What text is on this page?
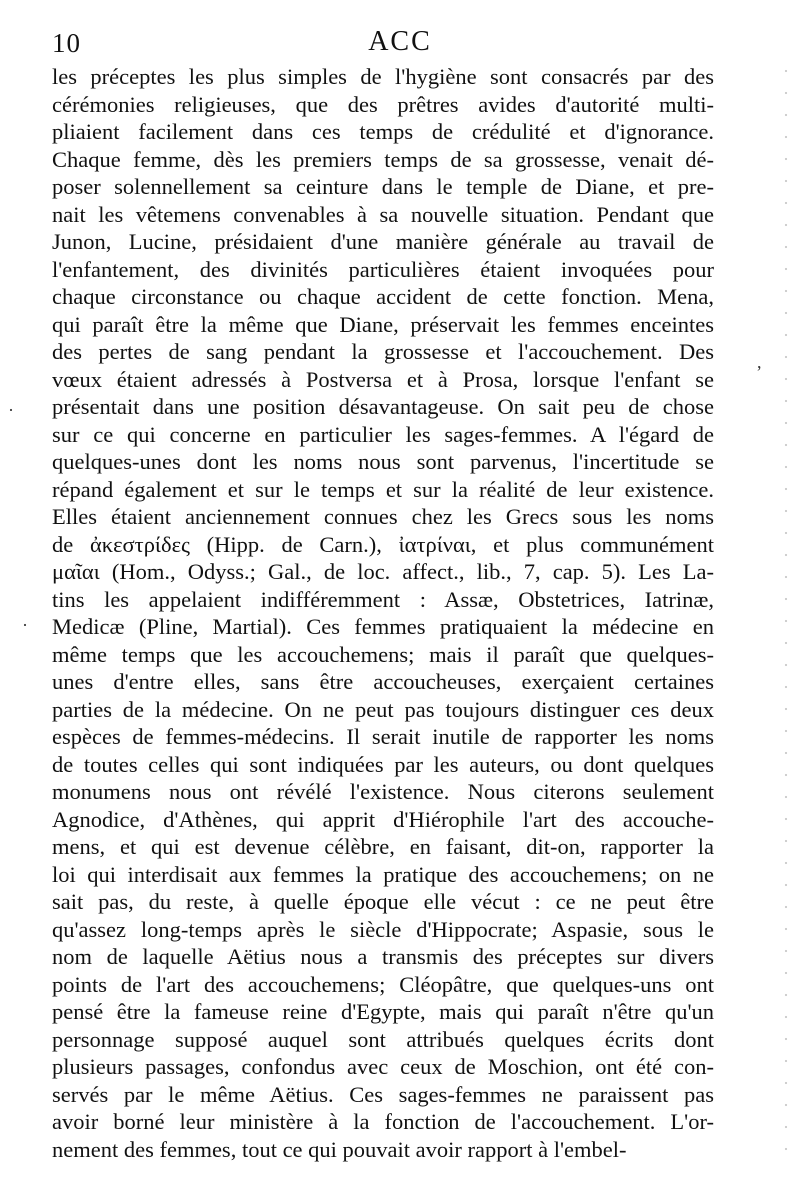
10	ACC
les préceptes les plus simples de l'hygiène sont consacrés par des
cérémonies religieuses, que des prêtres avides d'autorité multi-
pliaient facilement dans ces temps de crédulité et d'ignorance.
Chaque femme, dès les premiers temps de sa grossesse, venait dé-
poser solennellement sa ceinture dans le temple de Diane, et pre-
nait les vêtemens convenables à sa nouvelle situation. Pendant que
Junon, Lucine, présidaient d'une manière générale au travail de
l'enfantement, des divinités particulières étaient invoquées pour
chaque circonstance ou chaque accident de cette fonction. Mena,
qui paraît être la même que Diane, préservait les femmes enceintes
des pertes de sang pendant la grossesse et l'accouchement. Des
vœux étaient adressés à Postversa et à Prosa, lorsque l'enfant se
présentait dans une position désavantageuse. On sait peu de chose
sur ce qui concerne en particulier les sages-femmes. A l'égard de
quelques-unes dont les noms nous sont parvenus, l'incertitude se
répand également et sur le temps et sur la réalité de leur existence.
Elles étaient anciennement connues chez les Grecs sous les noms
de ἀκεστρίδες (Hipp. de Carn.), ἰατρίναι, et plus communément
μαῖαι (Hom., Odyss.; Gal., de loc. affect., lib., 7, cap. 5). Les La-
tins les appelaient indifféremment : Assæ, Obstetrices, Iatrinæ,
Medicæ (Pline, Martial). Ces femmes pratiquaient la médecine en
même temps que les accouchemens; mais il paraît que quelques-
unes d'entre elles, sans être accoucheuses, exerçaient certaines
parties de la médecine. On ne peut pas toujours distinguer ces deux
espèces de femmes-médecins. Il serait inutile de rapporter les noms
de toutes celles qui sont indiquées par les auteurs, ou dont quelques
monumens nous ont révélé l'existence. Nous citerons seulement
Agnodice, d'Athènes, qui apprit d'Hiérophile l'art des accouche-
mens, et qui est devenue célèbre, en faisant, dit-on, rapporter la
loi qui interdisait aux femmes la pratique des accouchemens; on ne
sait pas, du reste, à quelle époque elle vécut : ce ne peut être
qu'assez long-temps après le siècle d'Hippocrate; Aspasie, sous le
nom de laquelle Aëtius nous a transmis des préceptes sur divers
points de l'art des accouchemens; Cléopâtre, que quelques-uns ont
pensé être la fameuse reine d'Egypte, mais qui paraît n'être qu'un
personnage supposé auquel sont attribués quelques écrits dont
plusieurs passages, confondus avec ceux de Moschion, ont été con-
servés par le même Aëtius. Ces sages-femmes ne paraissent pas
avoir borné leur ministère à la fonction de l'accouchement. L'or-
nement des femmes, tout ce qui pouvait avoir rapport à l'embel-
,
·
·
